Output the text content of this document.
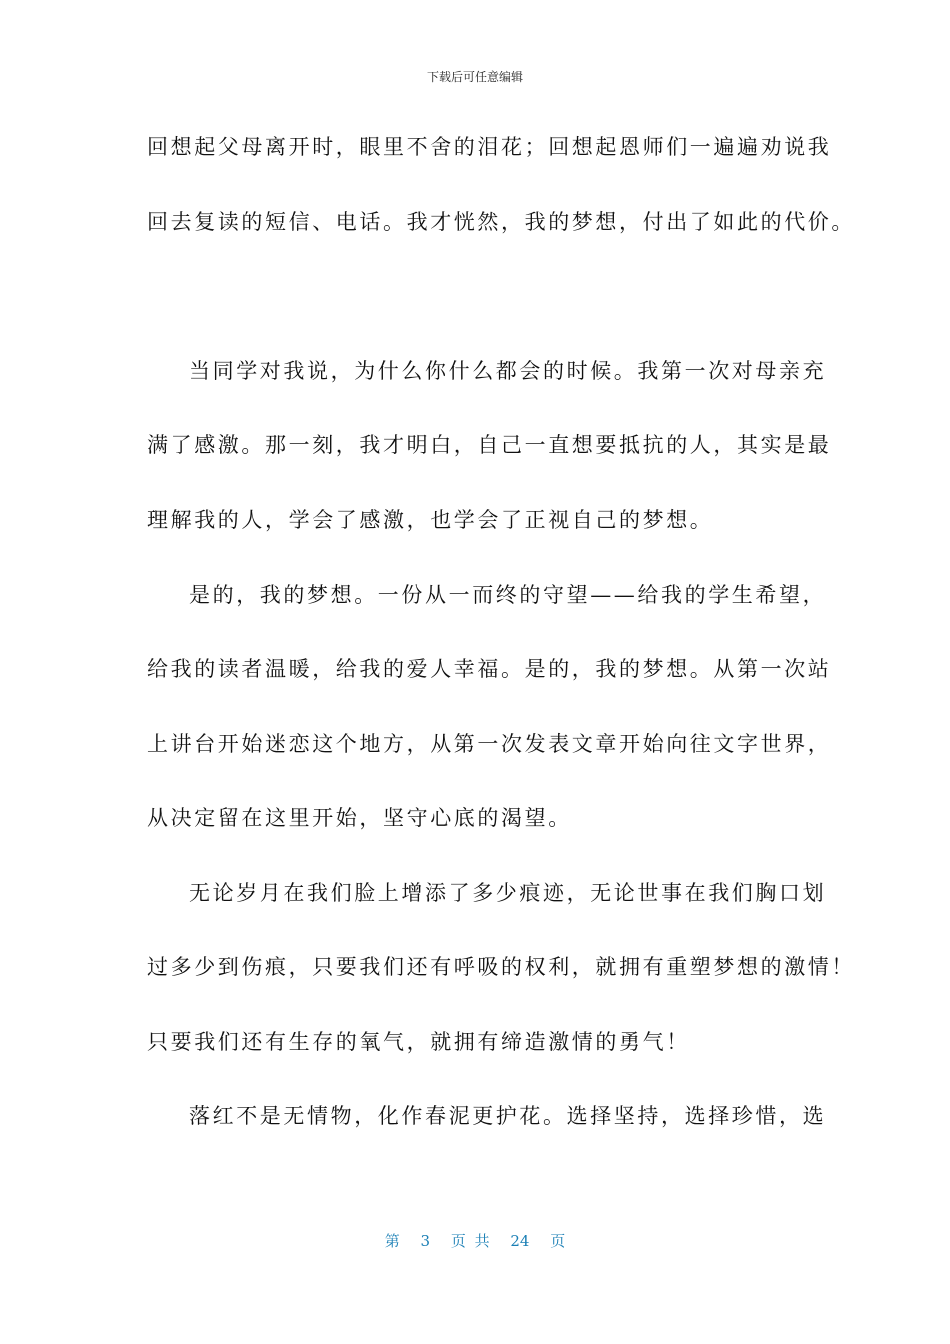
下载后可任意编辑
回想起父母离开时，眼里不舍的泪花；回想起恩师们一遍遍劝说我
回去复读的短信、电话。我才恍然，我的梦想，付出了如此的代价。
当同学对我说，为什么你什么都会的时候。我第一次对母亲充
满了感激。那一刻，我才明白，自己一直想要抵抗的人，其实是最
理解我的人，学会了感激，也学会了正视自己的梦想。
是的，我的梦想。一份从一而终的守望——给我的学生希望，
给我的读者温暖，给我的爱人幸福。是的，我的梦想。从第一次站
上讲台开始迷恋这个地方，从第一次发表文章开始向往文字世界，
从决定留在这里开始，坚守心底的渴望。
无论岁月在我们脸上增添了多少痕迹，无论世事在我们胸口划
过多少到伤痕，只要我们还有呼吸的权利，就拥有重塑梦想的激情！
只要我们还有生存的氧气，就拥有缔造激情的勇气！
落红不是无情物，化作春泥更护花。选择坚持，选择珍惜，选
第 3 页 共 24 页
